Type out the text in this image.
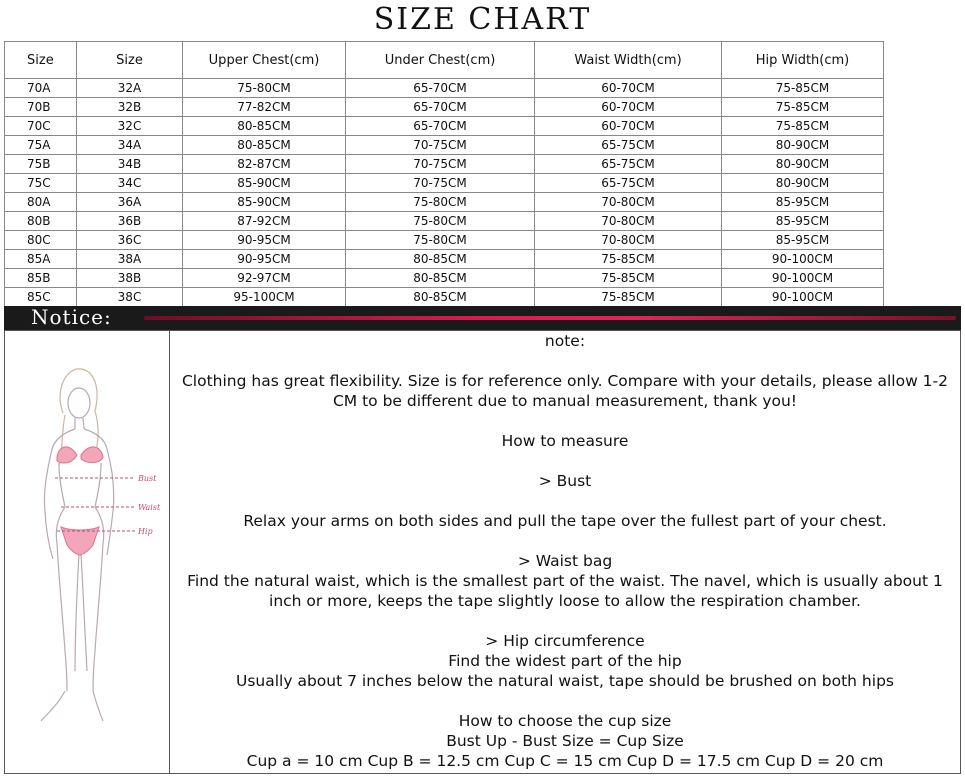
SIZE CHART
Size	Size	Upper Chest(cm)	Under Chest(cm)	Waist Width(cm)	Hip Width(cm)
70A	32A	75-80CM	65-70CM	60-70CM	75-85CM
70B	32B	77-82CM	65-70CM	60-70CM	75-85CM
70C	32C	80-85CM	65-70CM	60-70CM	75-85CM
75A	34A	80-85CM	70-75CM	65-75CM	80-90CM
75B	34B	82-87CM	70-75CM	65-75CM	80-90CM
75C	34C	85-90CM	70-75CM	65-75CM	80-90CM
80A	36A	85-90CM	75-80CM	70-80CM	85-95CM
80B	36B	87-92CM	75-80CM	70-80CM	85-95CM
80C	36C	90-95CM	75-80CM	70-80CM	85-95CM
85A	38A	90-95CM	80-85CM	75-85CM	90-100CM
85B	38B	92-97CM	80-85CM	75-85CM	90-100CM
85C	38C	95-100CM	80-85CM	75-85CM	90-100CM
Notice:
Bust
Waist
Hip

note:

Clothing has great flexibility. Size is for reference only. Compare with your details, please allow 1-2 CM to be different due to manual measurement, thank you!

How to measure

> Bust

Relax your arms on both sides and pull the tape over the fullest part of your chest.

> Waist bag

Find the natural waist, which is the smallest part of the waist. The navel, which is usually about 1 inch or more, keeps the tape slightly loose to allow the respiration chamber.

> Hip circumference

Find the widest part of the hip

Usually about 7 inches below the natural waist, tape should be brushed on both hips

How to choose the cup size

Bust Up - Bust Size = Cup Size

Cup a = 10 cm Cup B = 12.5 cm Cup C = 15 cm Cup D = 17.5 cm Cup D = 20 cm
